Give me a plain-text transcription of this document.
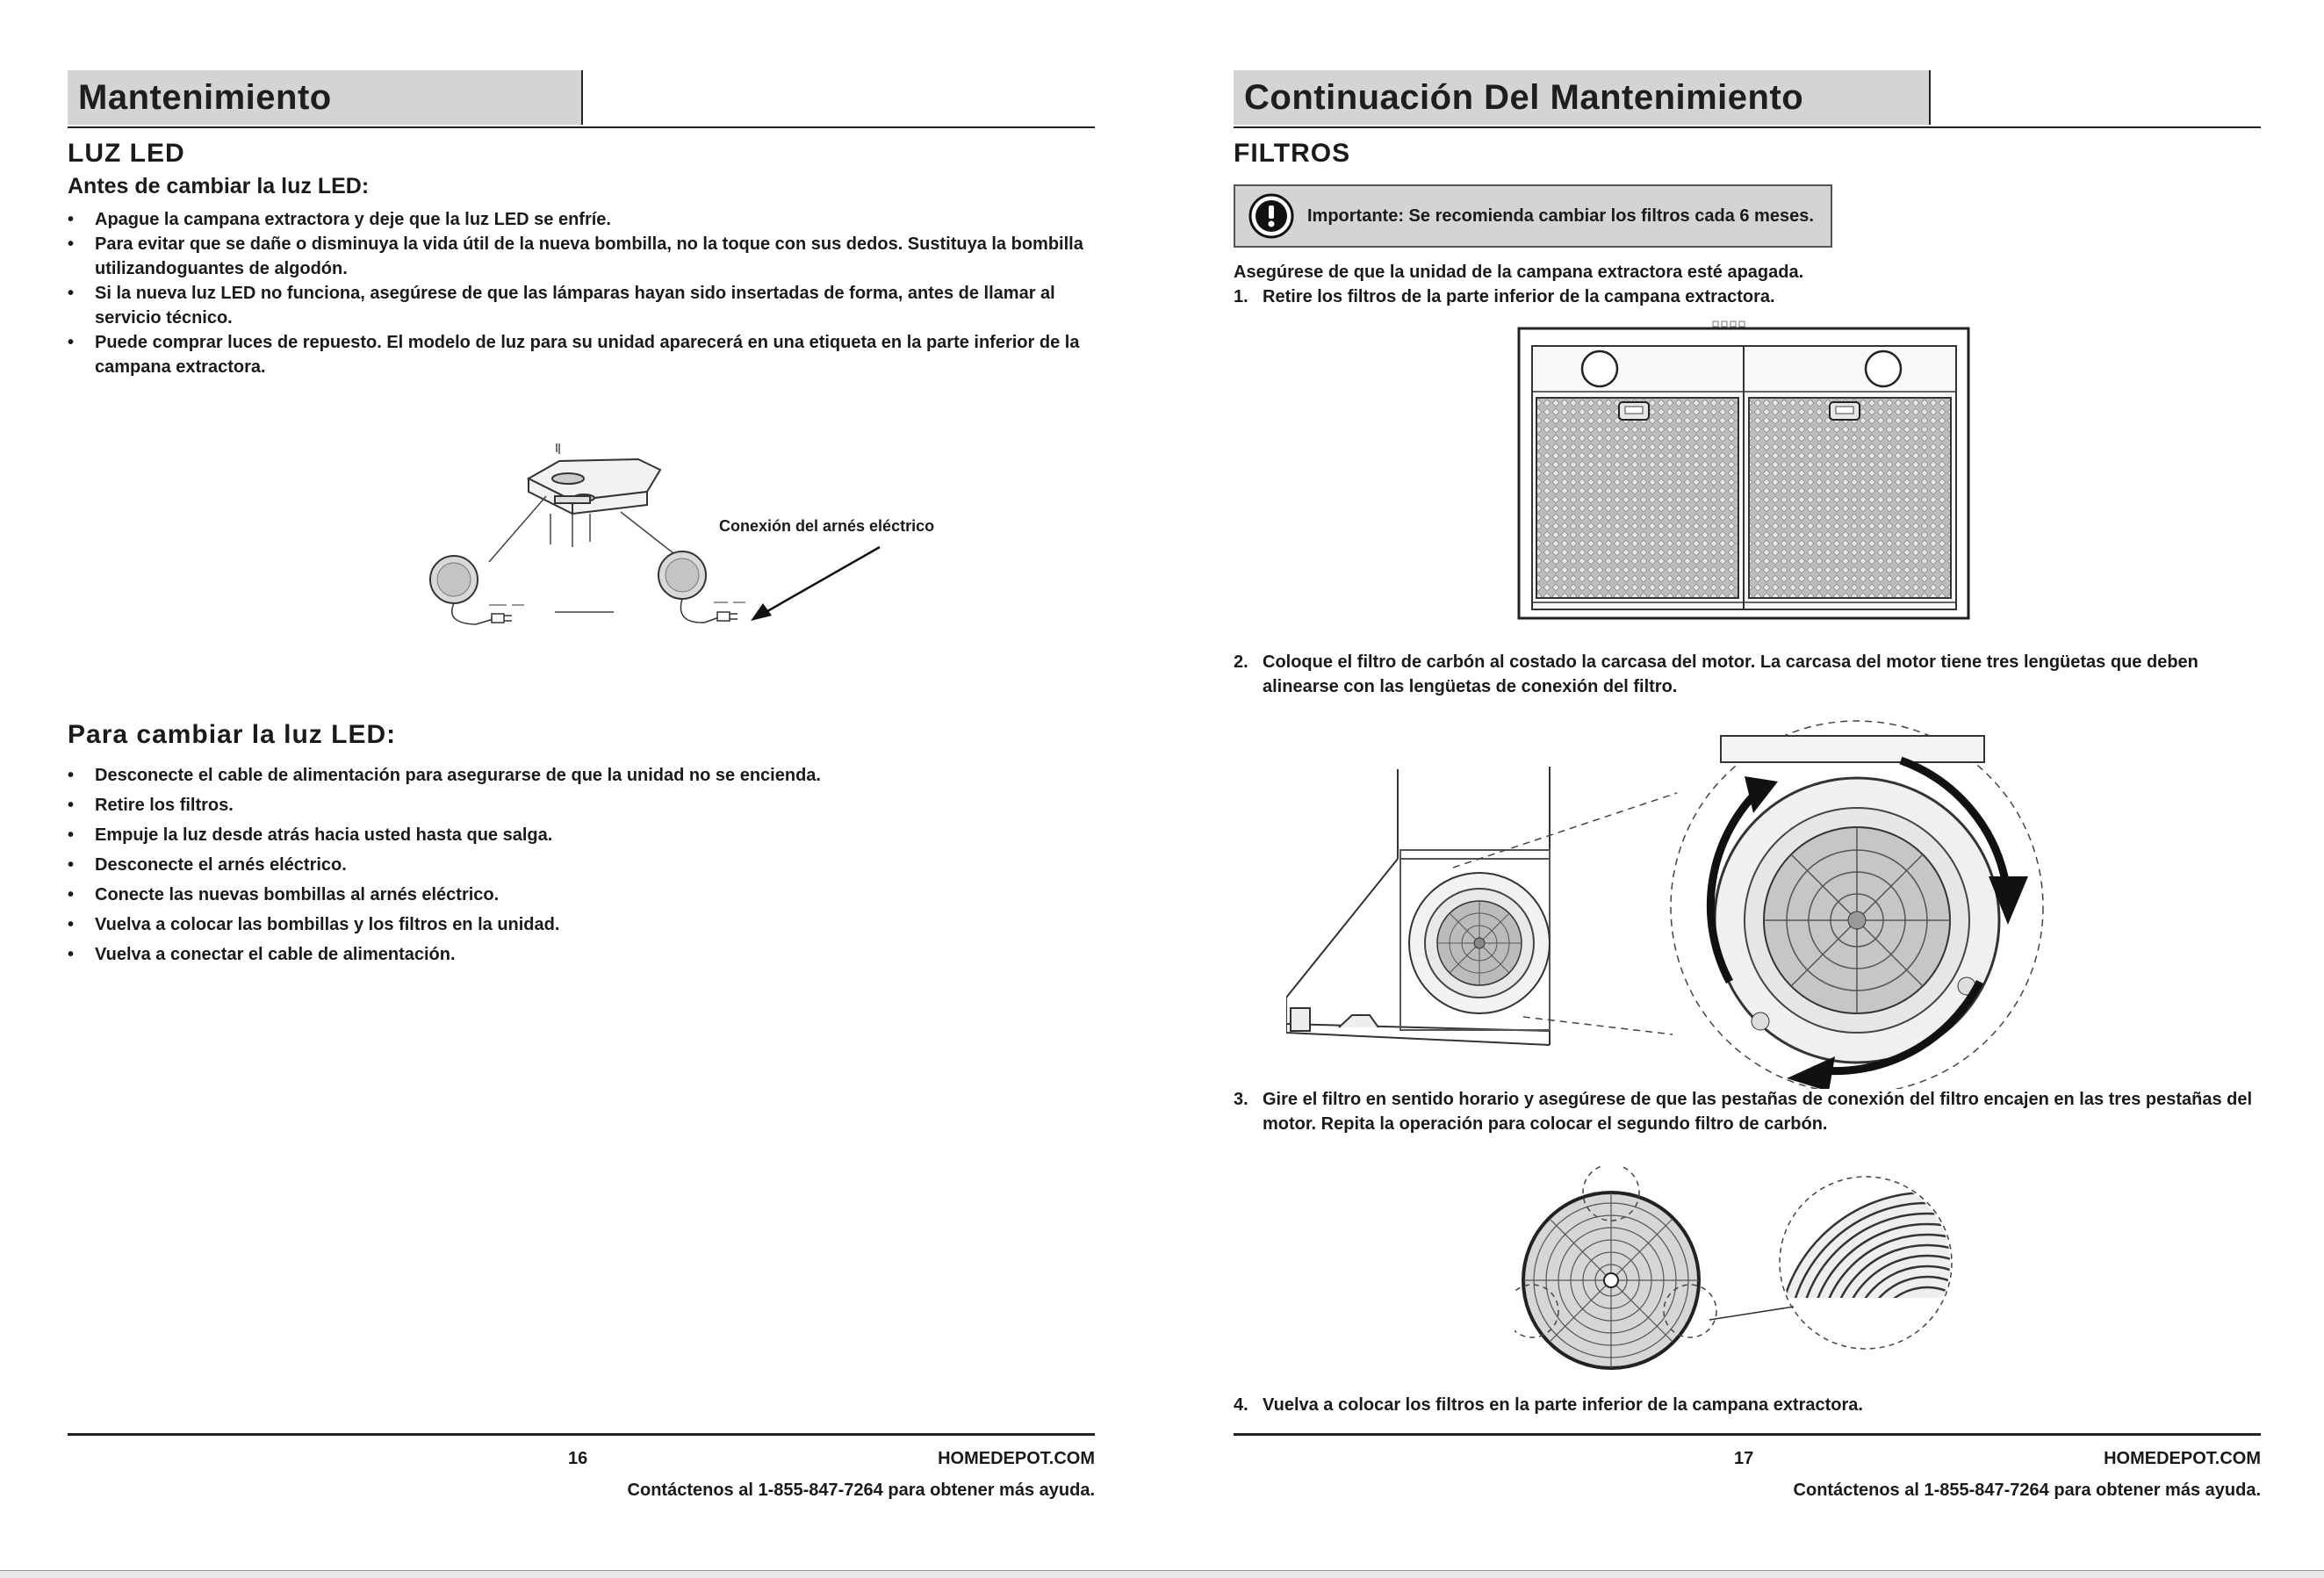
Mantenimiento
LUZ LED
Antes de cambiar la luz LED:
• Apague la campana extractora y deje que la luz LED se enfríe.
• Para evitar que se dañe o disminuya la vida útil de la nueva bombilla, no la toque con sus dedos. Sustituya la bombilla utilizandoguantes de algodón.
• Si la nueva luz LED no funciona, asegúrese de que las lámparas hayan sido insertadas de forma, antes de llamar al servicio técnico.
• Puede comprar luces de repuesto. El modelo de luz para su unidad aparecerá en una etiqueta en la parte inferior de la campana extractora.
Conexión del arnés eléctrico
Para cambiar la luz LED:
• Desconecte el cable de alimentación para asegurarse de que la unidad no se encienda.
• Retire los filtros.
• Empuje la luz desde atrás hacia usted hasta que salga.
• Desconecte el arnés eléctrico.
• Conecte las nuevas bombillas al arnés eléctrico.
• Vuelva a colocar las bombillas y los filtros en la unidad.
• Vuelva a conectar el cable de alimentación.
16	HOMEDEPOT.COM
Contáctenos al 1-855-847-7264 para obtener más ayuda.
Continuación Del Mantenimiento
FILTROS
Importante : Se recomienda cambiar los filtros cada 6 meses.
Asegúrese de que la unidad de la campana extractora esté apagada.
1. Retire los filtros de la parte inferior de la campana extractora.
2. Coloque el filtro de carbón al costado la carcasa del motor. La carcasa del motor tiene tres lengüetas que deben alinearse con las lengüetas de conexión del filtro.
3. Gire el filtro en sentido horario y asegúrese de que las pestañas de conexión del filtro encajen en las tres pestañas del motor. Repita la operación para colocar el segundo filtro de carbón.
4. Vuelva a colocar los filtros en la parte inferior de la campana extractora.
17	HOMEDEPOT.COM
Contáctenos al 1-855-847-7264 para obtener más ayuda.
